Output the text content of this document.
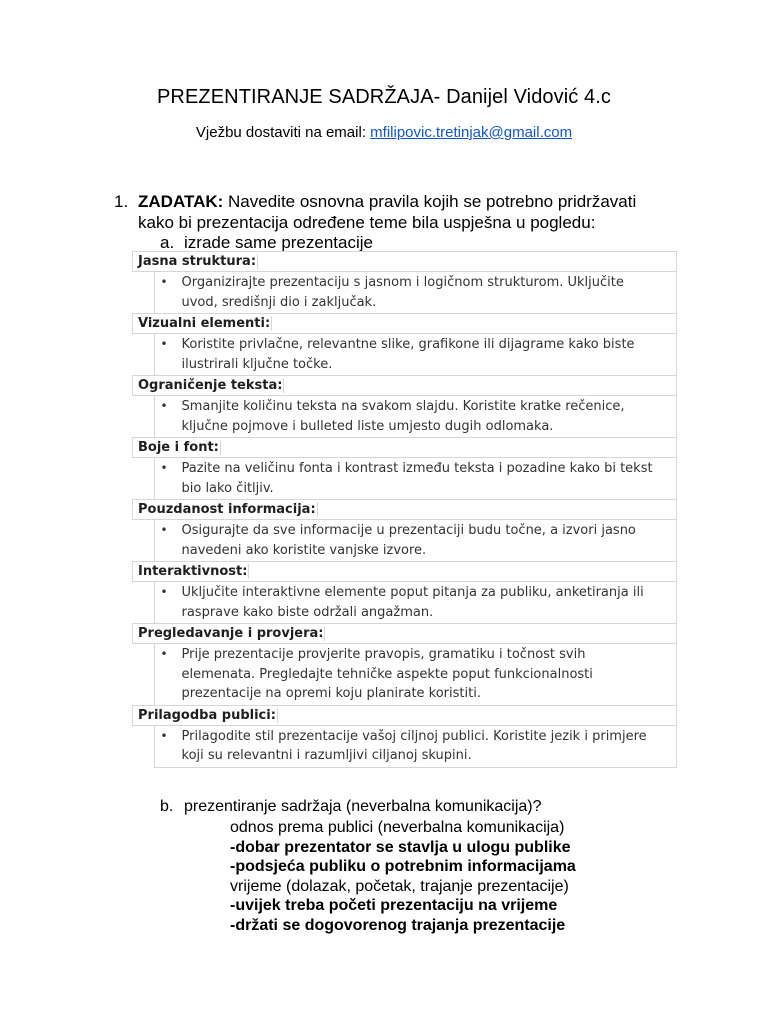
PREZENTIRANJE SADRŽAJA- Danijel Vidović 4.c
Vježbu dostaviti na email: mfilipovic.tretinjak@gmail.com
1. ZADATAK: Navedite osnovna pravila kojih se potrebno pridržavati
kako bi prezentacija određene teme bila uspješna u pogledu:
a. izrade same prezentacije
Jasna struktura:	

	• Organizirajte prezentaciju s jasnom i logičnom strukturom. Uključite
uvod, središnji dio i zaključak.

Vizualni elementi:	

	• Koristite privlačne, relevantne slike, grafikone ili dijagrame kako biste
ilustrirali ključne točke.

Ograničenje teksta:	

	• Smanjite količinu teksta na svakom slajdu. Koristite kratke rečenice,
ključne pojmove i bulleted liste umjesto dugih odlomaka.

Boje i font:	

	• Pazite na veličinu fonta i kontrast između teksta i pozadine kako bi tekst
bio lako čitljiv.

Pouzdanost informacija:	

	• Osigurajte da sve informacije u prezentaciji budu točne, a izvori jasno
navedeni ako koristite vanjske izvore.

Interaktivnost:	

	• Uključite interaktivne elemente poput pitanja za publiku, anketiranja ili
rasprave kako biste održali angažman.

Pregledavanje i provjera:	

	• Prije prezentacije provjerite pravopis, gramatiku i točnost svih
elemenata. Pregledajte tehničke aspekte poput funkcionalnosti
prezentacije na opremi koju planirate koristiti.

Prilagodba publici:	

	• Prilagodite stil prezentacije vašoj ciljnoj publici. Koristite jezik i primjere
koji su relevantni i razumljivi ciljanoj skupini.
b. prezentiranje sadržaja (neverbalna komunikacija)?
odnos prema publici (neverbalna komunikacija)
-dobar prezentator se stavlja u ulogu publike
-podsjeća publiku o potrebnim informacijama
vrijeme (dolazak, početak, trajanje prezentacije)
-uvijek treba početi prezentaciju na vrijeme
-držati se dogovorenog trajanja prezentacije
